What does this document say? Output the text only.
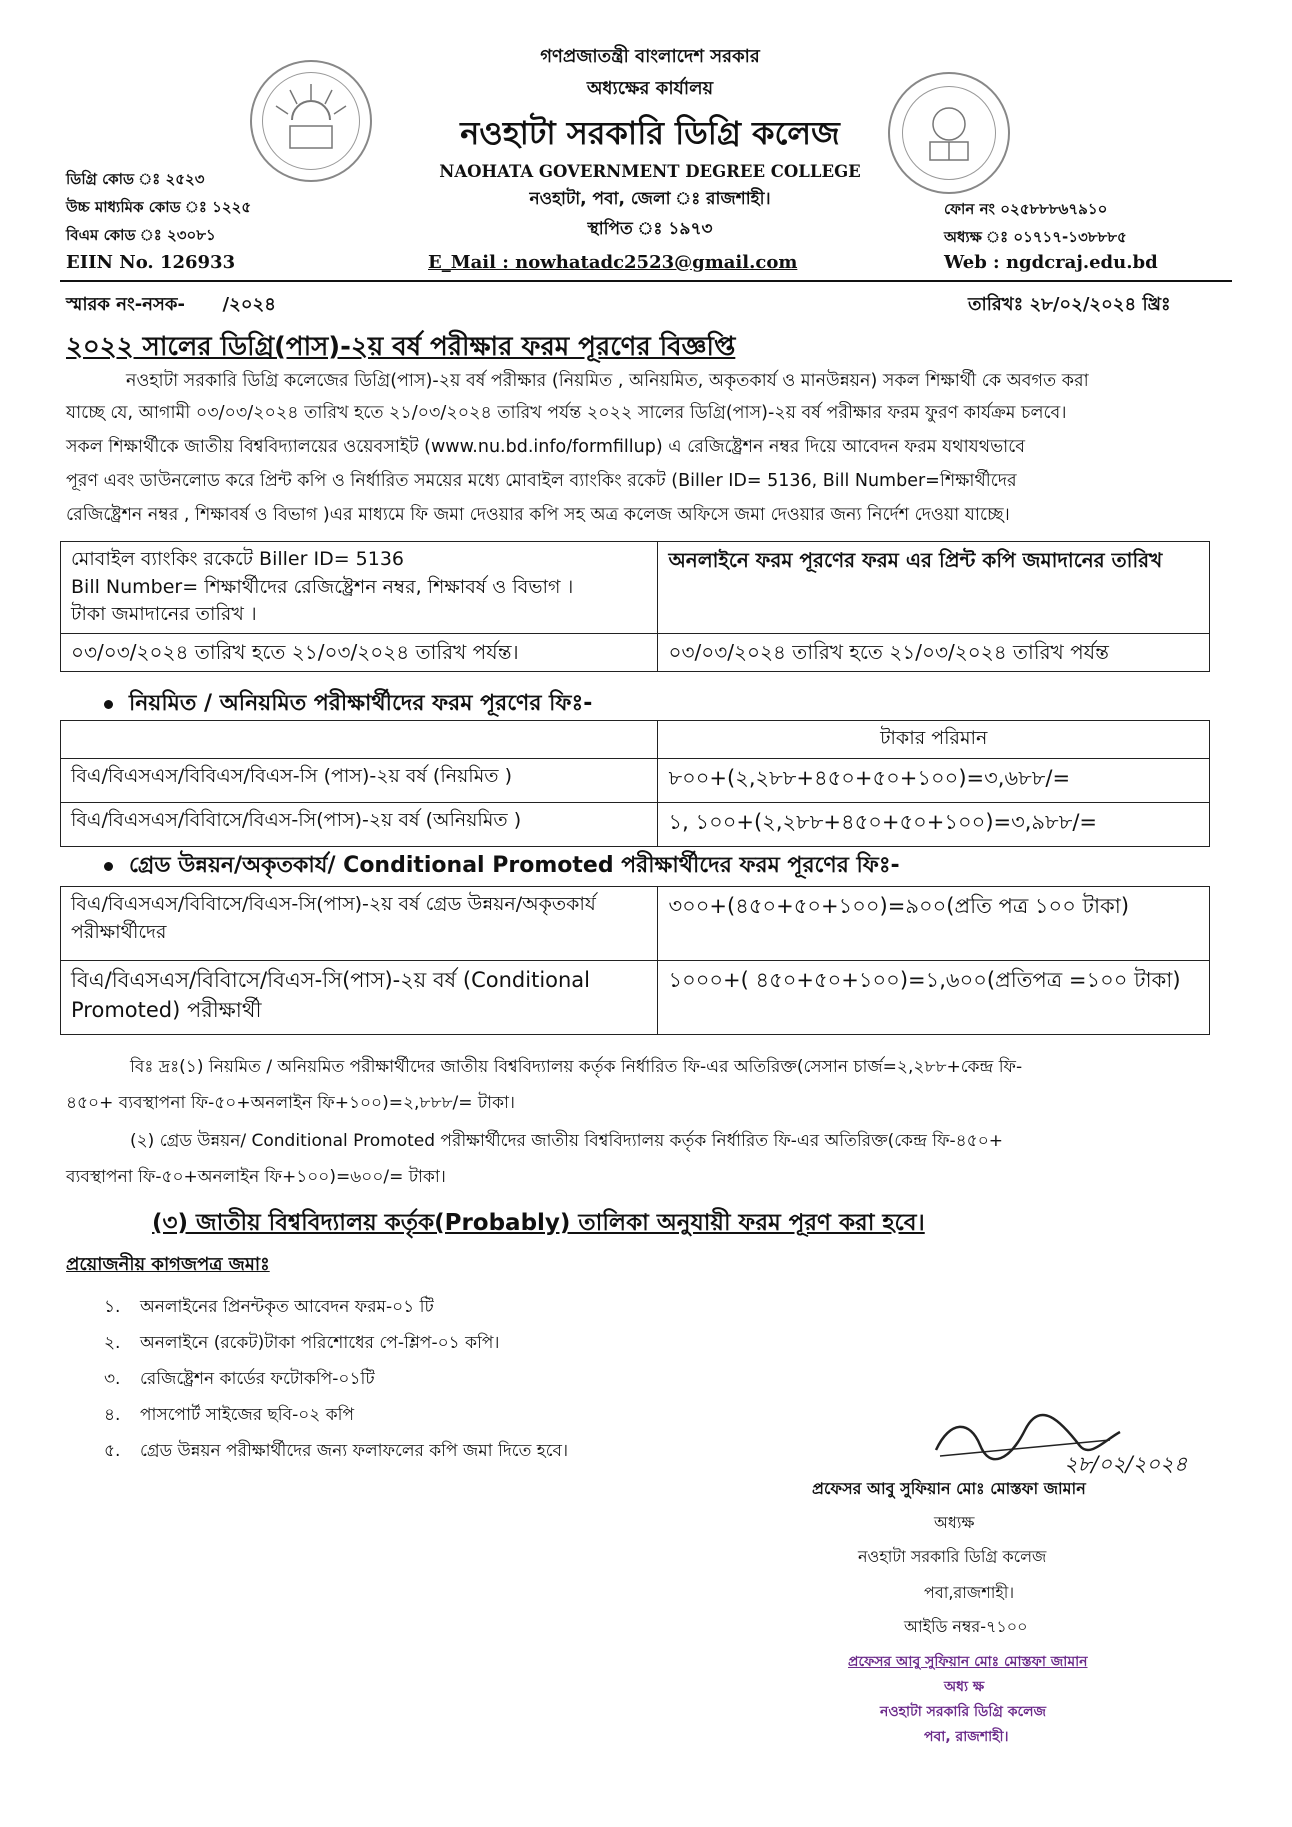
গণপ্রজাতন্ত্রী বাংলাদেশ সরকার
অধ্যক্ষের কার্যালয়
নওহাটা সরকারি ডিগ্রি কলেজ
NAOHATA GOVERNMENT DEGREE COLLEGE
নওহাটা, পবা, জেলা ঃ রাজশাহী।
স্থাপিত ঃ ১৯৭৩
ডিগ্রি কোড ঃ ২৫২৩
উচ্চ মাধ্যমিক কোড ঃ ১২২৫
বিএম কোড ঃ ২৩০৮১
ফোন নং ০২৫৮৮৮৬৭৯১০
অধ্যক্ষ ঃ ০১৭১৭-১৩৮৮৮৫
EIIN No. 126933	E_Mail : nowhatadc2523@gmail.com	Web : ngdcraj.edu.bd
স্মারক নং-নসক-      /২০২৪	তারিখঃ ২৮/০২/২০২৪ খ্রিঃ
২০২২ সালের ডিগ্রি(পাস)-২য় বর্ষ পরীক্ষার ফরম পূরণের বিজ্ঞপ্তি
নওহাটা সরকারি ডিগ্রি কলেজের ডিগ্রি(পাস)-২য় বর্ষ পরীক্ষার (নিয়মিত , অনিয়মিত, অকৃতকার্য ও মানউন্নয়ন) সকল শিক্ষার্থী কে অবগত করা
যাচ্ছে যে, আগামী ০৩/০৩/২০২৪ তারিখ হতে ২১/০৩/২০২৪ তারিখ পর্যন্ত ২০২২ সালের ডিগ্রি(পাস)-২য় বর্ষ পরীক্ষার ফরম ফুরণ কার্যক্রম চলবে।
সকল শিক্ষার্থীকে জাতীয় বিশ্ববিদ্যালয়ের ওয়েবসাইট (www.nu.bd.info/formfillup) এ রেজিষ্ট্রেশন নম্বর দিয়ে আবেদন ফরম যথাযথভাবে
পূরণ এবং ডাউনলোড করে প্রিন্ট কপি ও নির্ধারিত সময়ের মধ্যে মোবাইল ব্যাংকিং রকেট (Biller ID= 5136, Bill Number=শিক্ষার্থীদের
রেজিষ্ট্রেশন নম্বর , শিক্ষাবর্ষ ও বিভাগ )এর মাধ্যমে ফি জমা দেওয়ার কপি সহ অত্র কলেজ অফিসে জমা দেওয়ার জন্য নির্দেশ দেওয়া যাচ্ছে।
মোবাইল ব্যাংকিং রকেটে Biller ID= 5136
Bill Number= শিক্ষার্থীদের রেজিষ্ট্রেশন নম্বর, শিক্ষাবর্ষ ও বিভাগ ।
টাকা জমাদানের তারিখ ।	অনলাইনে ফরম পূরণের ফরম এর প্রিন্ট কপি জমাদানের তারিখ
০৩/০৩/২০২৪ তারিখ হতে ২১/০৩/২০২৪ তারিখ পর্যন্ত।	০৩/০৩/২০২৪ তারিখ হতে ২১/০৩/২০২৪ তারিখ পর্যন্ত
নিয়মিত / অনিয়মিত পরীক্ষার্থীদের ফরম পূরণের ফিঃ-
	টাকার পরিমান
বিএ/বিএসএস/বিবিএস/বিএস-সি (পাস)-২য় বর্ষ (নিয়মিত )	৮০০+(২,২৮৮+৪৫০+৫০+১০০)=৩,৬৮৮/=
বিএ/বিএসএস/বিবিাসে/বিএস-সি(পাস)-২য় বর্ষ (অনিয়মিত )	১, ১০০+(২,২৮৮+৪৫০+৫০+১০০)=৩,৯৮৮/=
গ্রেড উন্নয়ন/অকৃতকার্য/ Conditional Promoted পরীক্ষার্থীদের ফরম পূরণের ফিঃ-
বিএ/বিএসএস/বিবিাসে/বিএস-সি(পাস)-২য় বর্ষ গ্রেড উন্নয়ন/অকৃতকার্য
পরীক্ষার্থীদের	৩০০+(৪৫০+৫০+১০০)=৯০০(প্রতি পত্র ১০০ টাকা)

বিএ/বিএসএস/বিবিাসে/বিএস-সি(পাস)-২য় বর্ষ (Conditional
Promoted) পরীক্ষার্থী	১০০০+( ৪৫০+৫০+১০০)=১,৬০০(প্রতিপত্র =১০০ টাকা)
বিঃ দ্রঃ(১) নিয়মিত / অনিয়মিত পরীক্ষার্থীদের জাতীয় বিশ্ববিদ্যালয় কর্তৃক নির্ধারিত ফি-এর অতিরিক্ত(সেসান চার্জ=২,২৮৮+কেন্দ্র ফি-
৪৫০+ ব্যবস্থাপনা ফি-৫০+অনলাইন ফি+১০০)=২,৮৮৮/= টাকা।
(২) গ্রেড উন্নয়ন/ Conditional Promoted পরীক্ষার্থীদের জাতীয় বিশ্ববিদ্যালয় কর্তৃক নির্ধারিত ফি-এর অতিরিক্ত(কেন্দ্র ফি-৪৫০+
ব্যবস্থাপনা ফি-৫০+অনলাইন ফি+১০০)=৬০০/= টাকা।
(৩) জাতীয় বিশ্ববিদ্যালয় কর্তৃক(Probably) তালিকা অনুযায়ী ফরম পূরণ করা হবে।
প্রয়োজনীয় কাগজপত্র জমাঃ
১. অনলাইনের প্রিনন্টকৃত আবেদন ফরম-০১ টি
২. অনলাইনে (রকেট)টাকা পরিশোধের পে-শ্লিপ-০১ কপি।
৩. রেজিষ্ট্রেশন কার্ডের ফটোকপি-০১টি
৪. পাসপোর্ট সাইজের ছবি-০২ কপি
৫. গ্রেড উন্নয়ন পরীক্ষার্থীদের জন্য ফলাফলের কপি জমা দিতে হবে।
২৮/০২/২০২৪
প্রফেসর আবু সুফিয়ান মোঃ মোস্তফা জামান
অধ্যক্ষ
নওহাটা সরকারি ডিগ্রি কলেজ
পবা,রাজশাহী।
আইডি নম্বর-৭১০০
প্রফেসর আবু সুফিয়ান মোঃ মোস্তফা জামান
অধ্য ক্ষ
নওহাটা সরকারি ডিগ্রি কলেজ
পবা, রাজশাহী।
